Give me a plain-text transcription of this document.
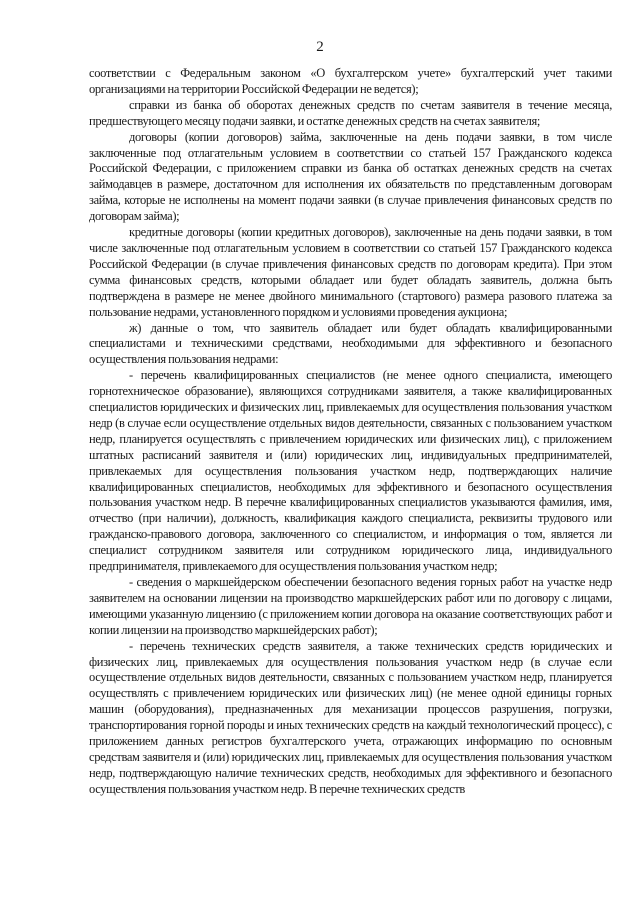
2

соответствии с Федеральным законом «О бухгалтерском учете» бухгалтерский учет такими организациями на территории Российской Федерации не ведется);

справки из банка об оборотах денежных средств по счетам заявителя в течение месяца, предшествующего месяцу подачи заявки, и остатке денежных средств на счетах заявителя;

договоры (копии договоров) займа, заключенные на день подачи заявки, в том числе заключенные под отлагательным условием в соответствии со статьей 157 Гражданского кодекса Российской Федерации, с приложением справки из банка об остатках денежных средств на счетах займодавцев в размере, достаточном для исполнения их обязательств по представленным договорам займа, которые не исполнены на момент подачи заявки (в случае привлечения финансовых средств по договорам займа);

кредитные договоры (копии кредитных договоров), заключенные на день подачи заявки, в том числе заключенные под отлагательным условием в соответствии со статьей 157 Гражданского кодекса Российской Федерации (в случае привлечения финансовых средств по договорам кредита). При этом сумма финансовых средств, которыми обладает или будет обладать заявитель, должна быть подтверждена в размере не менее двойного минимального (стартового) размера разового платежа за пользование недрами, установленного порядком и условиями проведения аукциона;

ж) данные о том, что заявитель обладает или будет обладать квалифицированными специалистами и техническими средствами, необходимыми для эффективного и безопасного осуществления пользования недрами:

- перечень квалифицированных специалистов (не менее одного специалиста, имеющего горнотехническое образование), являющихся сотрудниками заявителя, а также квалифицированных специалистов юридических и физических лиц, привлекаемых для осуществления пользования участком недр (в случае если осуществление отдельных видов деятельности, связанных с пользованием участком недр, планируется осуществлять с привлечением юридических или физических лиц), с приложением штатных расписаний заявителя и (или) юридических лиц, индивидуальных предпринимателей, привлекаемых для осуществления пользования участком недр, подтверждающих наличие квалифицированных специалистов, необходимых для эффективного и безопасного осуществления пользования участком недр. В перечне квалифицированных специалистов указываются фамилия, имя, отчество (при наличии), должность, квалификация каждого специалиста, реквизиты трудового или гражданско-правового договора, заключенного со специалистом, и информация о том, является ли специалист сотрудником заявителя или сотрудником юридического лица, индивидуального предпринимателя, привлекаемого для осуществления пользования участком недр;

- сведения о маркшейдерском обеспечении безопасного ведения горных работ на участке недр заявителем на основании лицензии на производство маркшейдерских работ или по договору с лицами, имеющими указанную лицензию (с приложением копии договора на оказание соответствующих работ и копии лицензии на производство маркшейдерских работ);

- перечень технических средств заявителя, а также технических средств юридических и физических лиц, привлекаемых для осуществления пользования участком недр (в случае если осуществление отдельных видов деятельности, связанных с пользованием участком недр, планируется осуществлять с привлечением юридических или физических лиц) (не менее одной единицы горных машин (оборудования), предназначенных для механизации процессов разрушения, погрузки, транспортирования горной породы и иных технических средств на каждый технологический процесс), с приложением данных регистров бухгалтерского учета, отражающих информацию по основным средствам заявителя и (или) юридических лиц, привлекаемых для осуществления пользования участком недр, подтверждающую наличие технических средств, необходимых для эффективного и безопасного осуществления пользования участком недр. В перечне технических средств
